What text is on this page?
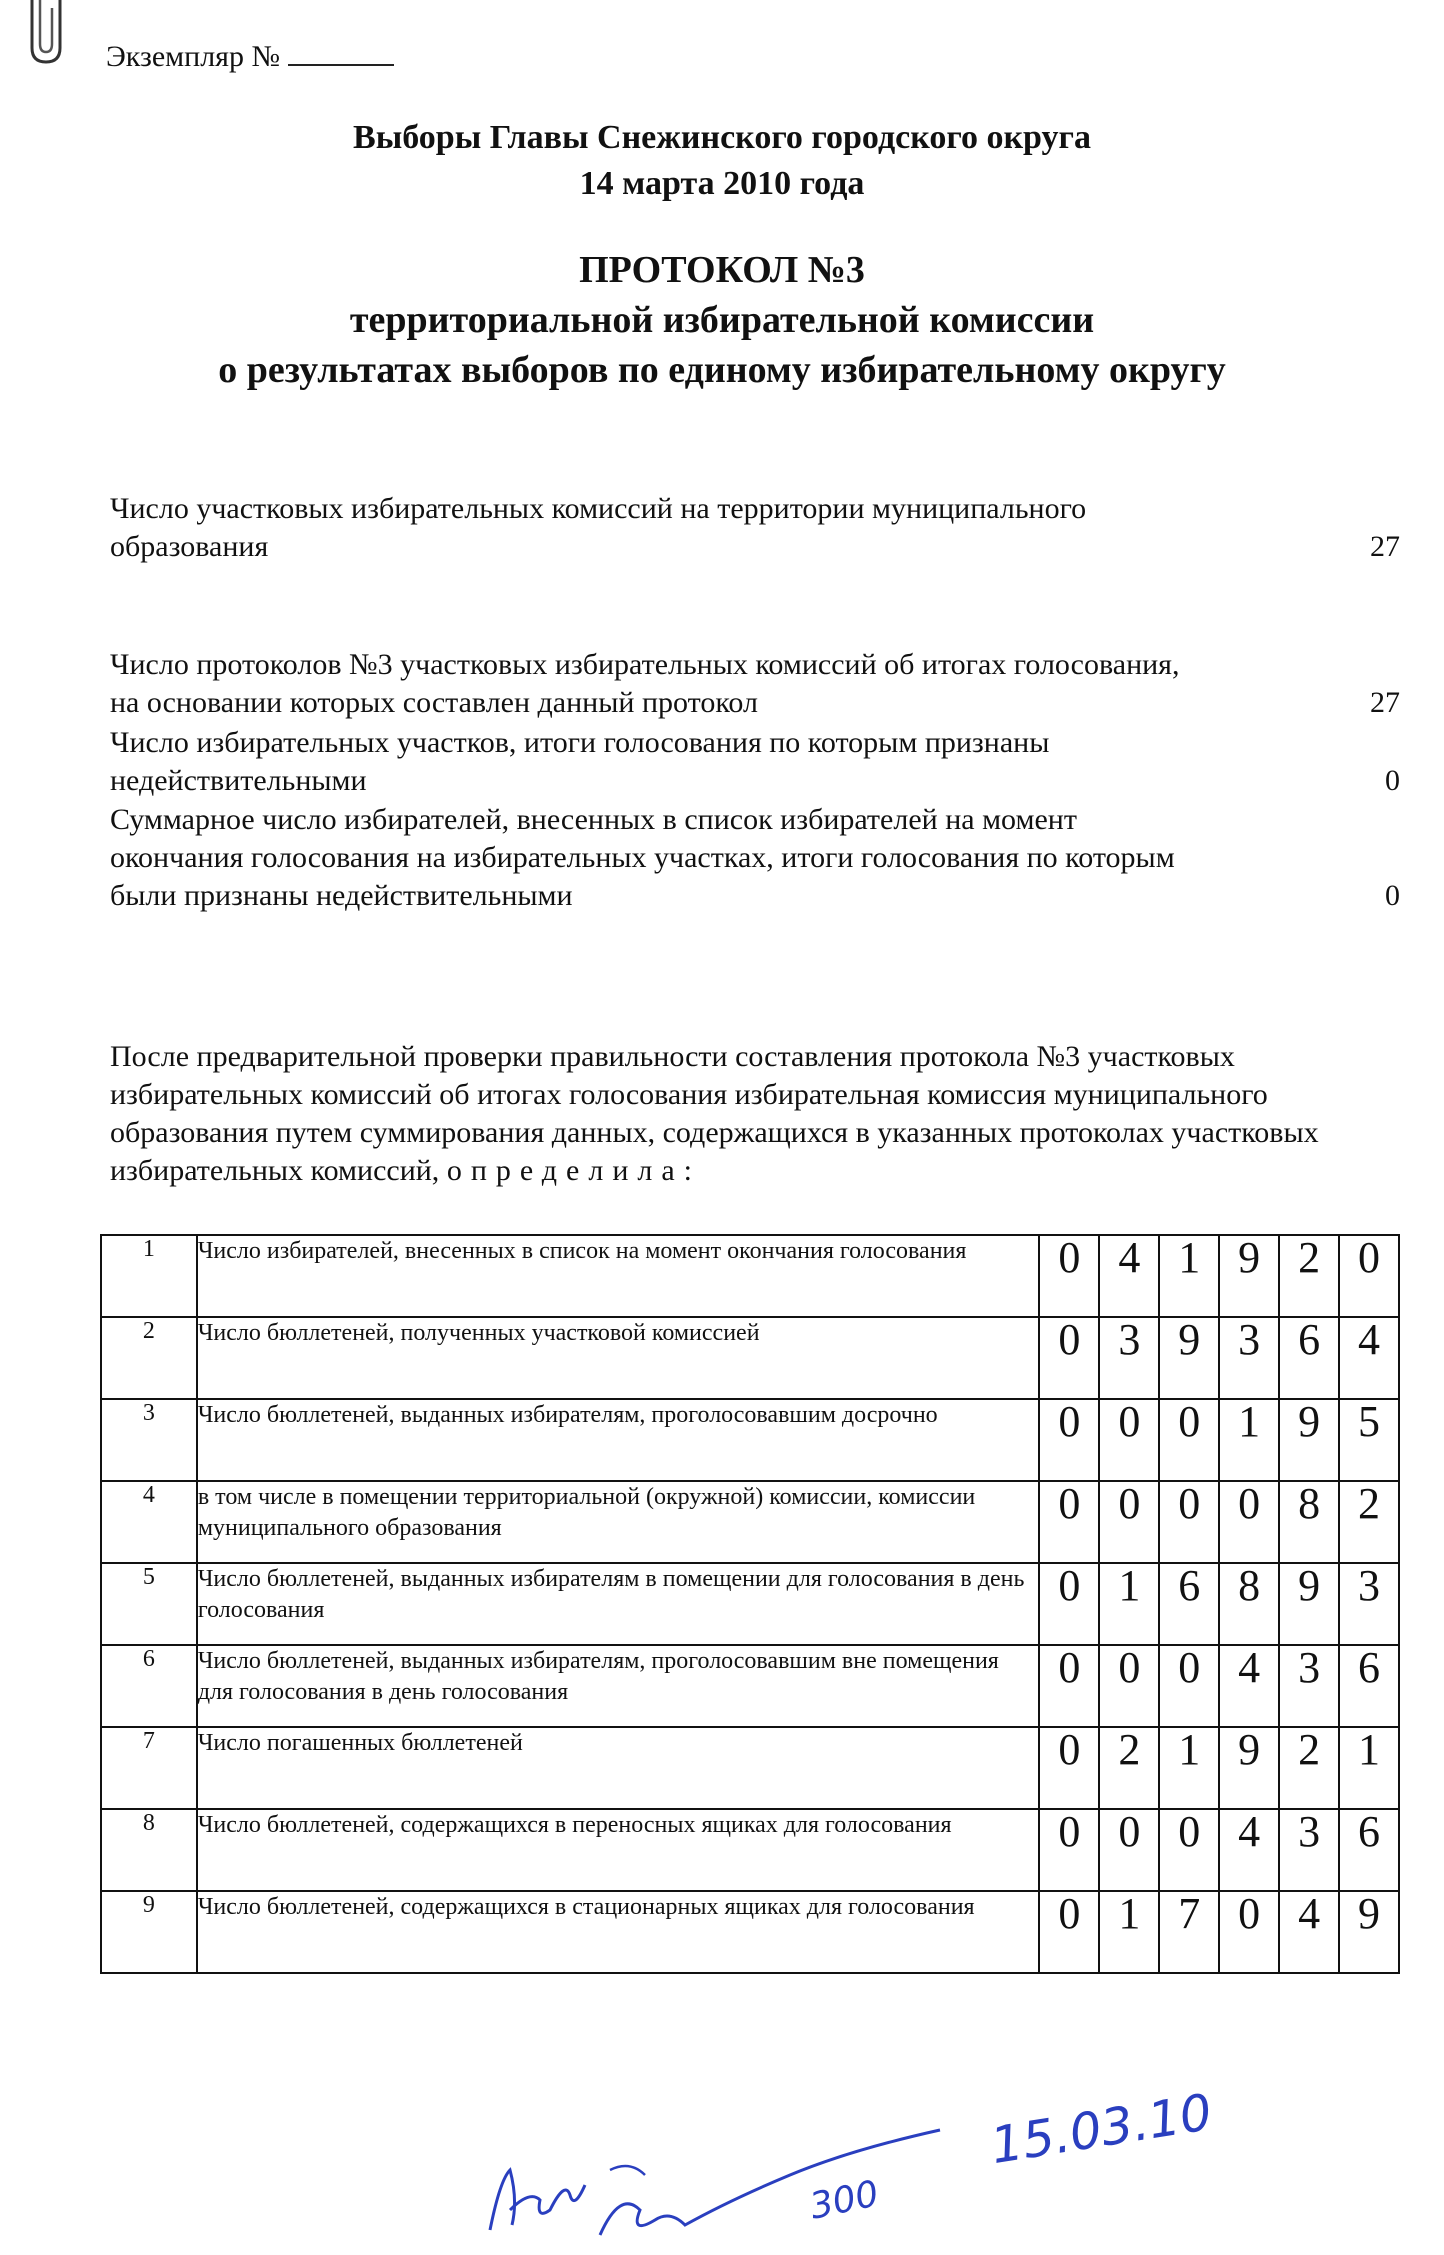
Экземпляр №
Выборы Главы Снежинского городского округа
14 марта 2010 года
ПРОТОКОЛ №3
территориальной избирательной комиссии
о результатах выборов по единому избирательному округу
Число участковых избирательных комиссий на территории муниципального
образования	27
Число протоколов №3 участковых избирательных комиссий об итогах голосования,
на основании которых составлен данный протокол	27
Число избирательных участков, итоги голосования по которым признаны
недействительными	0
Суммарное число избирателей, внесенных в список избирателей на момент
окончания голосования на избирательных участках, итоги голосования по которым
были признаны недействительными	0
После предварительной проверки правильности составления протокола №3 участковых избирательных комиссий об итогах голосования избирательная комиссия муниципального образования путем суммирования данных, содержащихся в указанных протоколах участковых избирательных комиссий, определила:
1	Число избирателей, внесенных в список на момент окончания голосования	0	4	1	9	2	0
2	Число бюллетеней, полученных участковой комиссией	0	3	9	3	6	4
3	Число бюллетеней, выданных избирателям, проголосовавшим досрочно	0	0	0	1	9	5
4	в том числе в помещении территориальной (окружной) комиссии, комиссии муниципального образования	0	0	0	0	8	2
5	Число бюллетеней, выданных избирателям в помещении для голосования в день голосования	0	1	6	8	9	3
6	Число бюллетеней, выданных избирателям, проголосовавшим вне помещения для голосования в день голосования	0	0	0	4	3	6
7	Число погашенных бюллетеней	0	2	1	9	2	1
8	Число бюллетеней, содержащихся в переносных ящиках для голосования	0	0	0	4	3	6
9	Число бюллетеней, содержащихся в стационарных ящиках для голосования	0	1	7	0	4	9
300
15.03.10
